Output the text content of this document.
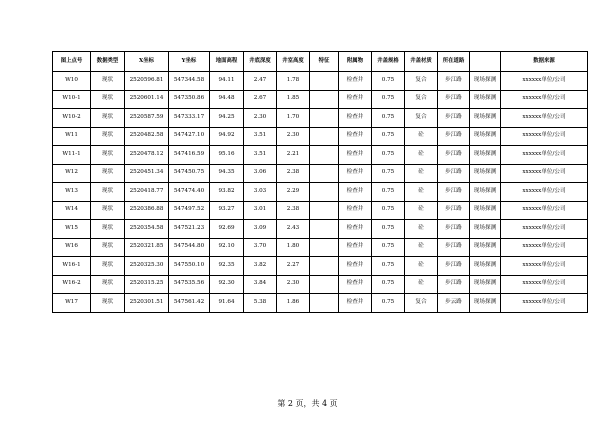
图上点号	数据类型	X坐标	Y坐标	地面高程	井底深度	井室高度	特征	附属物	井盖规格	井盖材质	所在道路		数据来源
W10	现状	2520596.81	547344.58	94.11	2.47	1.78		检查井	0.75	复合	步江路	现场探测	xxxxxx单位/公司
W10-1	现状	2520601.14	547350.86	94.48	2.67	1.85		检查井	0.75	复合	步江路	现场探测	xxxxxx单位/公司
W10-2	现状	2520587.59	547333.17	94.25	2.30	1.70		检查井	0.75	复合	步江路	现场探测	xxxxxx单位/公司
W11	现状	2520482.58	547427.10	94.92	3.51	2.30		检查井	0.75	砼	步江路	现场探测	xxxxxx单位/公司
W11-1	现状	2520478.12	547416.59	95.16	3.51	2.21		检查井	0.75	砼	步江路	现场探测	xxxxxx单位/公司
W12	现状	2520451.34	547450.75	94.35	3.06	2.38		检查井	0.75	砼	步江路	现场探测	xxxxxx单位/公司
W13	现状	2520418.77	547474.40	93.82	3.03	2.29		检查井	0.75	砼	步江路	现场探测	xxxxxx单位/公司
W14	现状	2520386.88	547497.52	93.27	3.01	2.38		检查井	0.75	砼	步江路	现场探测	xxxxxx单位/公司
W15	现状	2520354.58	547521.23	92.69	3.09	2.43		检查井	0.75	砼	步江路	现场探测	xxxxxx单位/公司
W16	现状	2520321.85	547544.80	92.10	3.70	1.80		检查井	0.75	砼	步江路	现场探测	xxxxxx单位/公司
W16-1	现状	2520325.30	547550.10	92.35	3.82	2.27		检查井	0.75	砼	步江路	现场探测	xxxxxx单位/公司
W16-2	现状	2520315.25	547535.56	92.30	3.84	2.30		检查井	0.75	砼	步江路	现场探测	xxxxxx单位/公司
W17	现状	2520301.51	547561.42	91.64	5.38	1.86		检查井	0.75	复合	步云路	现场探测	xxxxxx单位/公司
第 2 页，共 4 页
